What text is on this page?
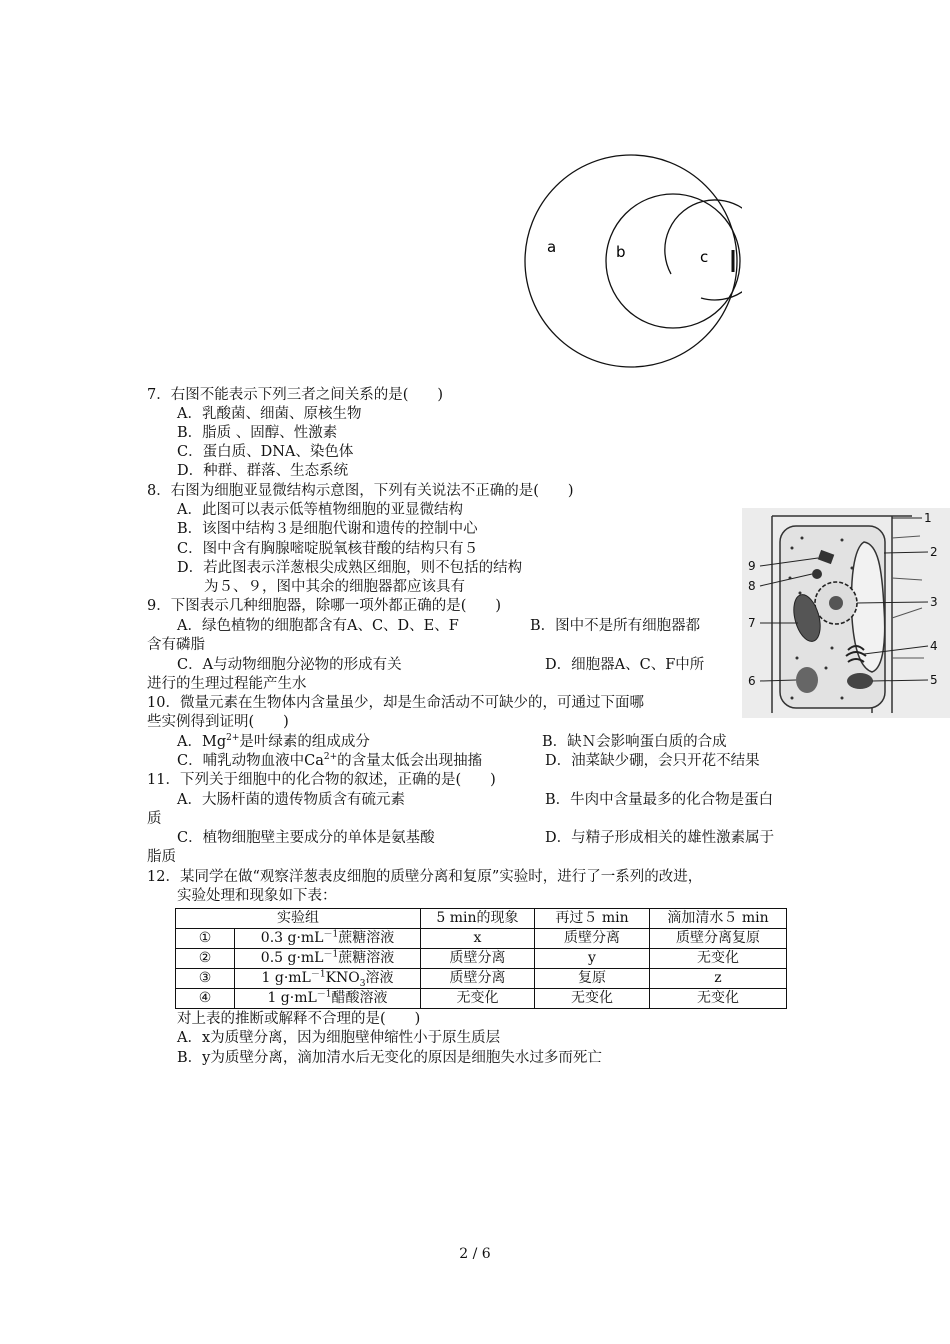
a	b	c
1
2
3
4
5
6
7
8
9
7．右图不能表示下列三者之间关系的是(　　)
A．乳酸菌、细菌、原核生物
B．脂质 、固醇、性激素
C．蛋白质、DNA、染色体
D．种群、群落、生态系统
8．右图为细胞亚显微结构示意图，下列有关说法不正确的是(　　)
A．此图可以表示低等植物细胞的亚显微结构
B．该图中结构３是细胞代谢和遗传的控制中心
C．图中含有胸腺嘧啶脱氧核苷酸的结构只有５
D．若此图表示洋葱根尖成熟区细胞，则不包括的结构
为５、９，图中其余的细胞器都应该具有
9．下图表示几种细胞器，除哪一项外都正确的是(　　)
A．绿色植物的细胞都含有A、C、D、E、F	B．图中不是所有细胞器都
含有磷脂
C．A与动物细胞分泌物的形成有关	D．细胞器A、C、F中所
进行的生理过程能产生水
10．微量元素在生物体内含量虽少，却是生命活动不可缺少的，可通过下面哪
些实例得到证明(　　)
A．$Mg^{2+}$是叶绿素的组成成分	B．缺Ｎ会影响蛋白质的合成
C．哺乳动物血液中$Ca^{2+}$的含量太低会出现抽搐	D．油菜缺少硼，会只开花不结果
11．下列关于细胞中的化合物的叙述，正确的是(　　)
A．大肠杆菌的遗传物质含有硫元素	B．牛肉中含量最多的化合物是蛋白
质
C．植物细胞壁主要成分的单体是氨基酸	D．与精子形成相关的雄性激素属于
脂质
12．某同学在做“观察洋葱表皮细胞的质壁分离和复原”实验时，进行了一系列的改进，
实验处理和现象如下表：
实验组		5 min的现象	再过５ min	滴加清水５ min
①	0.3 $g\cdot mL^{-1}$蔗糖溶液	x	质壁分离	质壁分离复原
②	0.5 $g\cdot mL^{-1}$蔗糖溶液	质壁分离	y	无变化
③	1 $g\cdot mL^{-1}KNO_3$溶液	质壁分离	复原	z
④	1 $g\cdot mL^{-1}$醋酸溶液	无变化	无变化	无变化
对上表的推断或解释不合理的是(　　)
A．x为质壁分离，因为细胞壁伸缩性小于原生质层
B．y为质壁分离，滴加清水后无变化的原因是细胞失水过多而死亡
2 / 6
